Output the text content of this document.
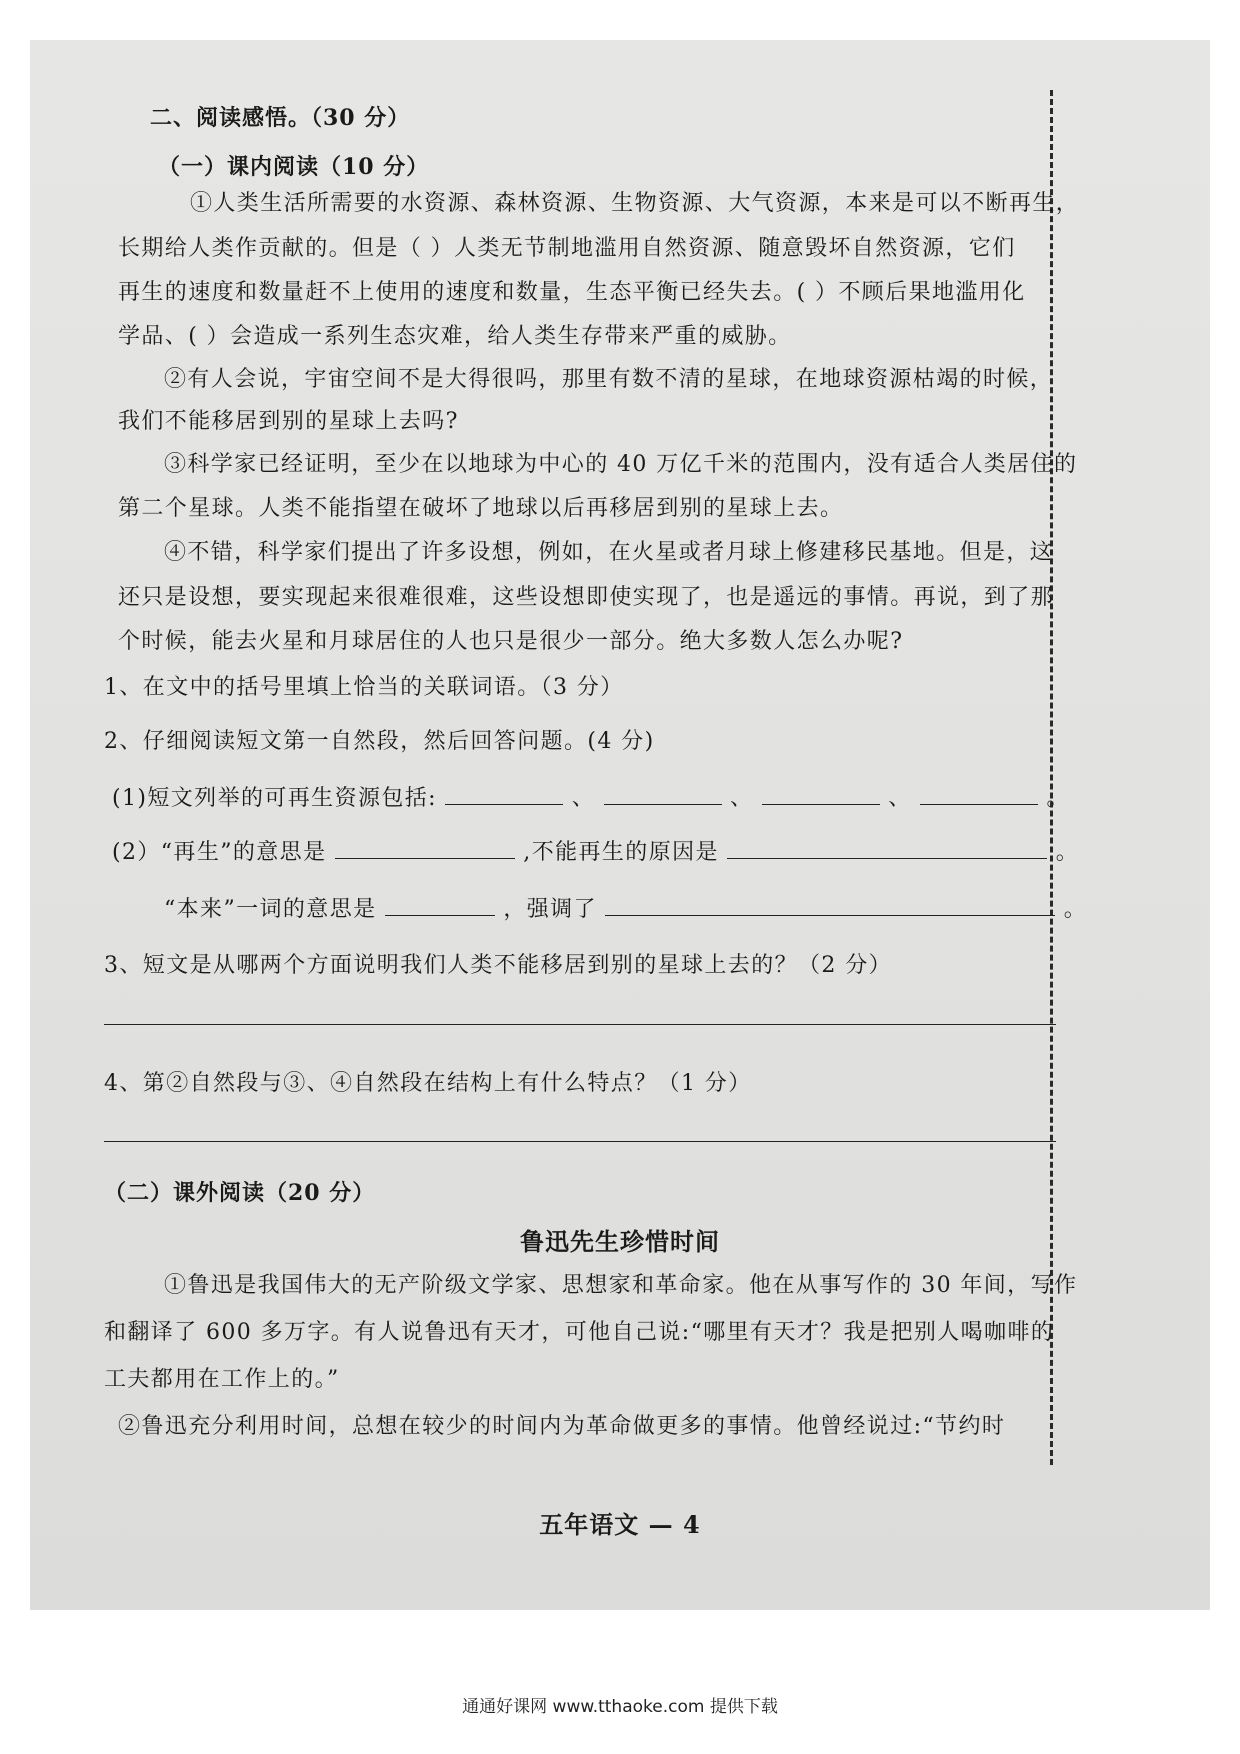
二、阅读感悟。（30 分）
（一）课内阅读（10 分）
①人类生活所需要的水资源、森林资源、生物资源、大气资源，本来是可以不断再生，
长期给人类作贡献的。但是（ ）人类无节制地滥用自然资源、随意毁坏自然资源，它们
再生的速度和数量赶不上使用的速度和数量，生态平衡已经失去。( ）不顾后果地滥用化
学品、( ）会造成一系列生态灾难，给人类生存带来严重的威胁。
②有人会说，宇宙空间不是大得很吗，那里有数不清的星球，在地球资源枯竭的时候，
我们不能移居到别的星球上去吗?
③科学家已经证明，至少在以地球为中心的 40 万亿千米的范围内，没有适合人类居住的
第二个星球。人类不能指望在破坏了地球以后再移居到别的星球上去。
④不错，科学家们提出了许多设想，例如，在火星或者月球上修建移民基地。但是，这
还只是设想，要实现起来很难很难，这些设想即使实现了，也是遥远的事情。再说，到了那
个时候，能去火星和月球居住的人也只是很少一部分。绝大多数人怎么办呢?
1、在文中的括号里填上恰当的关联词语。（3 分）
2、仔细阅读短文第一自然段，然后回答问题。(4 分)
(1)短文列举的可再生资源包括:	、	、	、	。
(2）“再生”的意思是	,不能再生的原因是	。
“本来”一词的意思是	，强调了	。
3、短文是从哪两个方面说明我们人类不能移居到别的星球上去的？（2 分）
4、第②自然段与③、④自然段在结构上有什么特点？（1 分）
（二）课外阅读（20 分）
鲁迅先生珍惜时间
①鲁迅是我国伟大的无产阶级文学家、思想家和革命家。他在从事写作的 30 年间，写作
和翻译了 600 多万字。有人说鲁迅有天才，可他自己说:“哪里有天才？我是把别人喝咖啡的
工夫都用在工作上的。”
②鲁迅充分利用时间，总想在较少的时间内为革命做更多的事情。他曾经说过:“节约时
五年语文 — 4
通通好课网 www.tthaoke.com 提供下载
